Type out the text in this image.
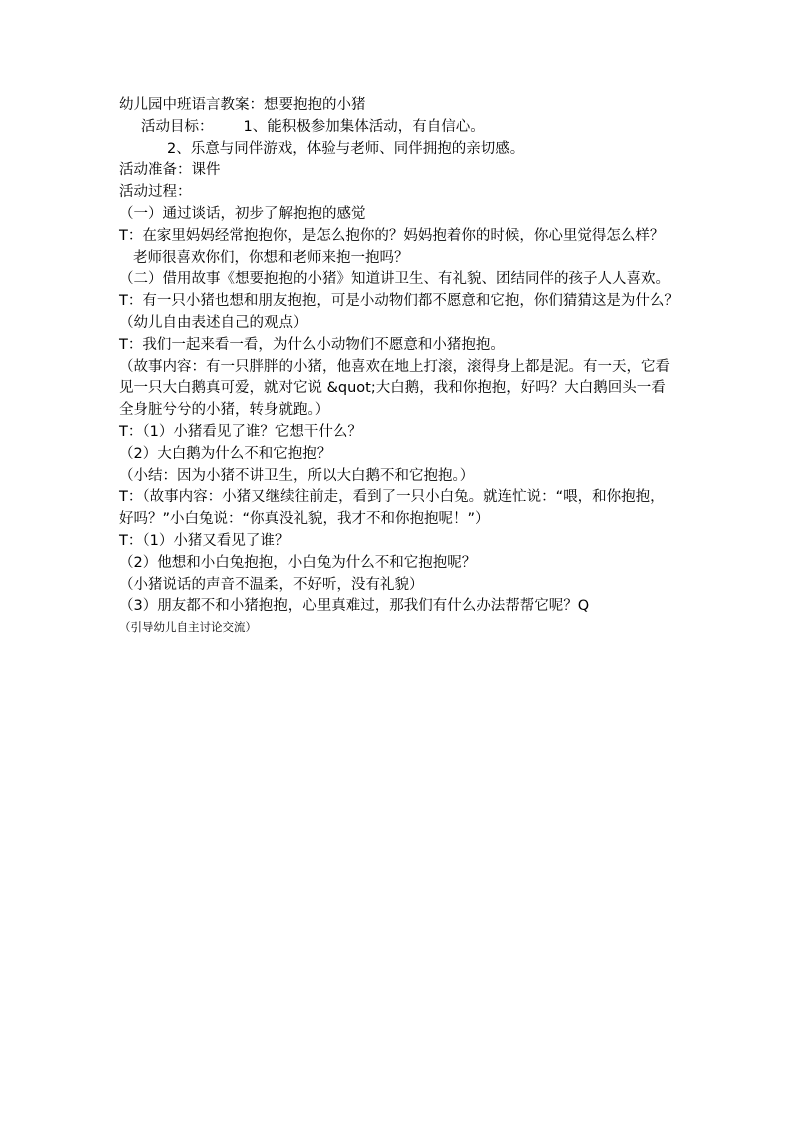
幼儿园中班语言教案：想要抱抱的小猪

活动目标： 1、能积极参加集体活动，有自信心。

2、乐意与同伴游戏，体验与老师、同伴拥抱的亲切感。

活动准备：课件

活动过程：

（一）通过谈话，初步了解抱抱的感觉

T：在家里妈妈经常抱抱你，是怎么抱你的？妈妈抱着你的时候，你心里觉得怎么样？

老师很喜欢你们，你想和老师来抱一抱吗？

（二）借用故事《想要抱抱的小猪》知道讲卫生、有礼貌、团结同伴的孩子人人喜欢。

T：有一只小猪也想和朋友抱抱，可是小动物们都不愿意和它抱，你们猜猜这是为什么？

（幼儿自由表述自己的观点）

T：我们一起来看一看，为什么小动物们不愿意和小猪抱抱。

（故事内容：有一只胖胖的小猪，他喜欢在地上打滚，滚得身上都是泥。有一天，它看见一只大白鹅真可爱，就对它说 &quot;大白鹅，我和你抱抱，好吗？大白鹅回头一看全身脏兮兮的小猪，转身就跑。）

T：（1）小猪看见了谁？它想干什么？

（2）大白鹅为什么不和它抱抱？

（小结：因为小猪不讲卫生，所以大白鹅不和它抱抱。）

T：（故事内容：小猪又继续往前走，看到了一只小白兔。就连忙说：“喂，和你抱抱，好吗？”小白兔说：“你真没礼貌，我才不和你抱抱呢！”）

T：（1）小猪又看见了谁？

（2）他想和小白兔抱抱，小白兔为什么不和它抱抱呢？

（小猪说话的声音不温柔，不好听，没有礼貌）

（3）朋友都不和小猪抱抱，心里真难过，那我们有什么办法帮帮它呢？Q

（引导幼儿自主讨论交流）
